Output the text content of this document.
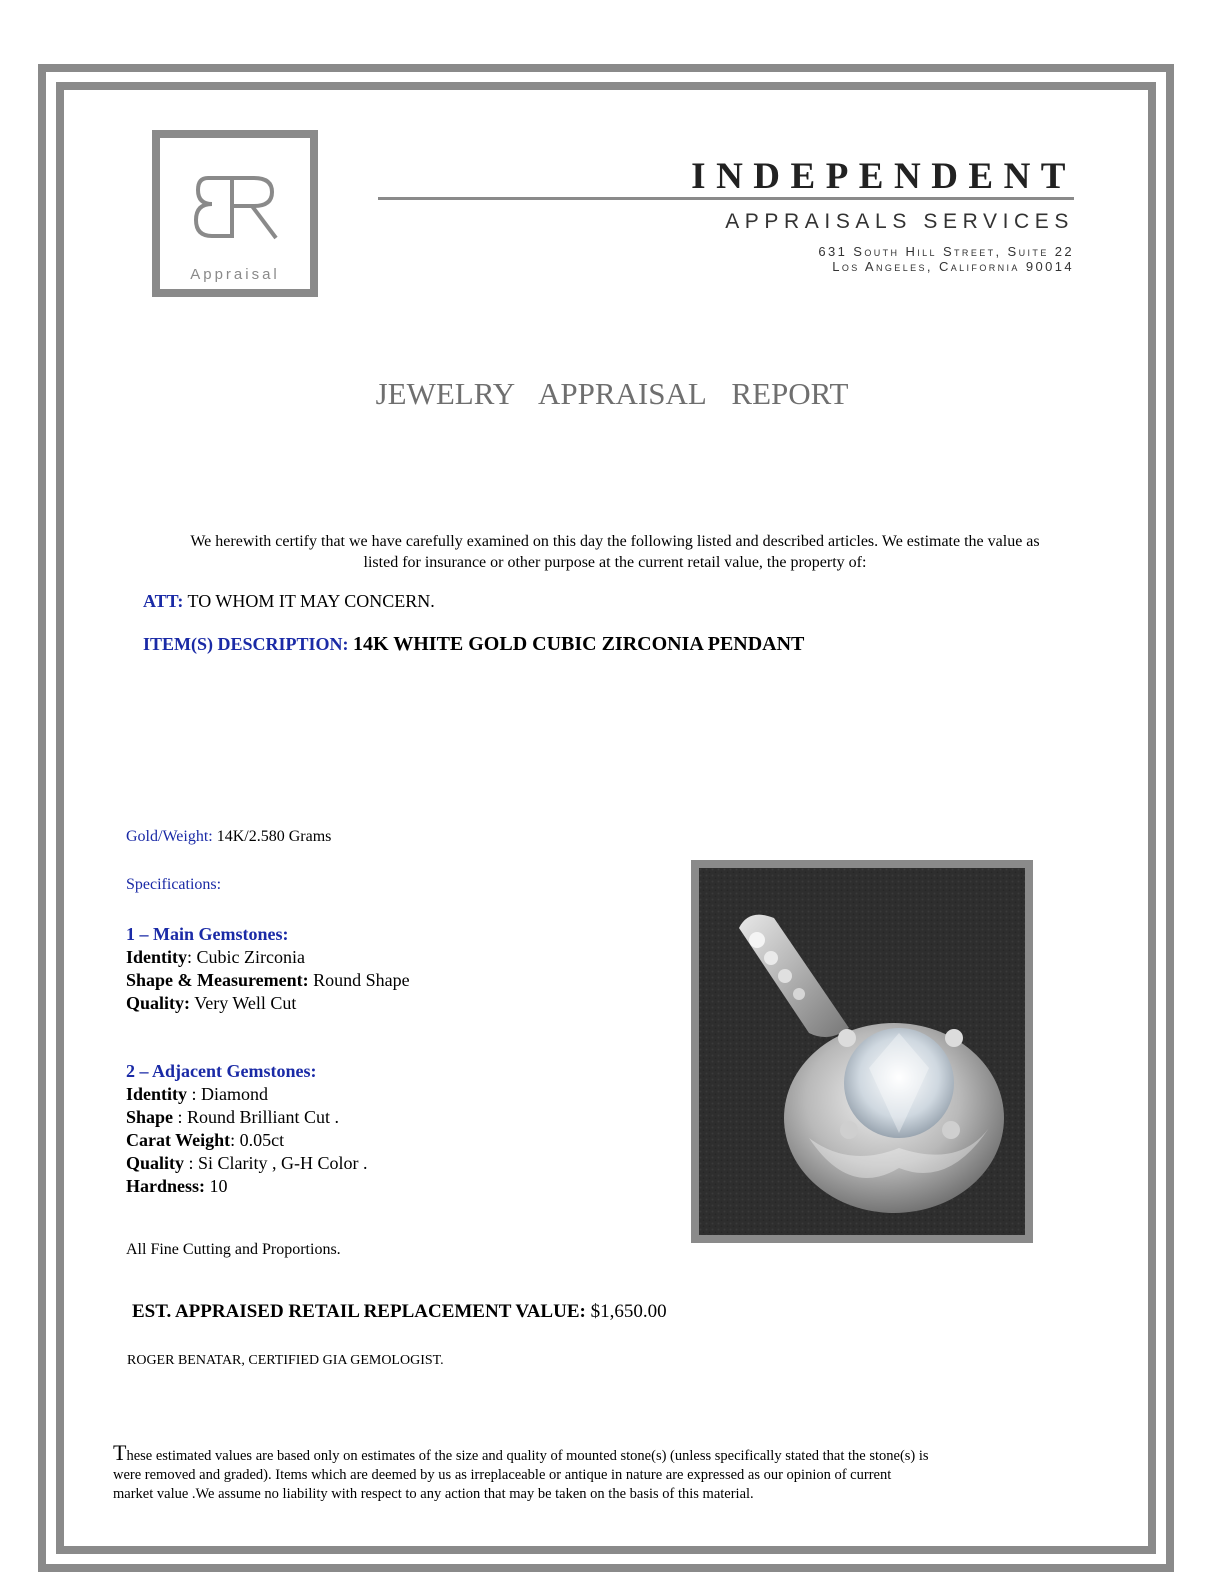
Appraisal
INDEPENDENT
APPRAISALS SERVICES
631 South Hill Street, Suite 22
Los Angeles, California 90014
JEWELRY APPRAISAL REPORT
We herewith certify that we have carefully examined on this day the following listed and described articles. We estimate the value as
listed for insurance or other purpose at the current retail value, the property of:
ATT: TO WHOM IT MAY CONCERN.
ITEM(S) DESCRIPTION: 14K WHITE GOLD CUBIC ZIRCONIA PENDANT
Gold/Weight: 14K/2.580 Grams
Specifications:
1 – Main Gemstones:
Identity: Cubic Zirconia
Shape & Measurement: Round Shape
Quality: Very Well Cut
2 – Adjacent Gemstones:
Identity : Diamond
Shape : Round Brilliant Cut .
Carat Weight: 0.05ct
Quality : Si Clarity , G-H Color .
Hardness: 10
All Fine Cutting and Proportions.
EST. APPRAISED RETAIL REPLACEMENT VALUE: $1,650.00
ROGER BENATAR, CERTIFIED GIA GEMOLOGIST.
These estimated values are based only on estimates of the size and quality of mounted stone(s) (unless specifically stated that the stone(s) is
were removed and graded). Items which are deemed by us as irreplaceable or antique in nature are expressed as our opinion of current
market value .We assume no liability with respect to any action that may be taken on the basis of this material.
